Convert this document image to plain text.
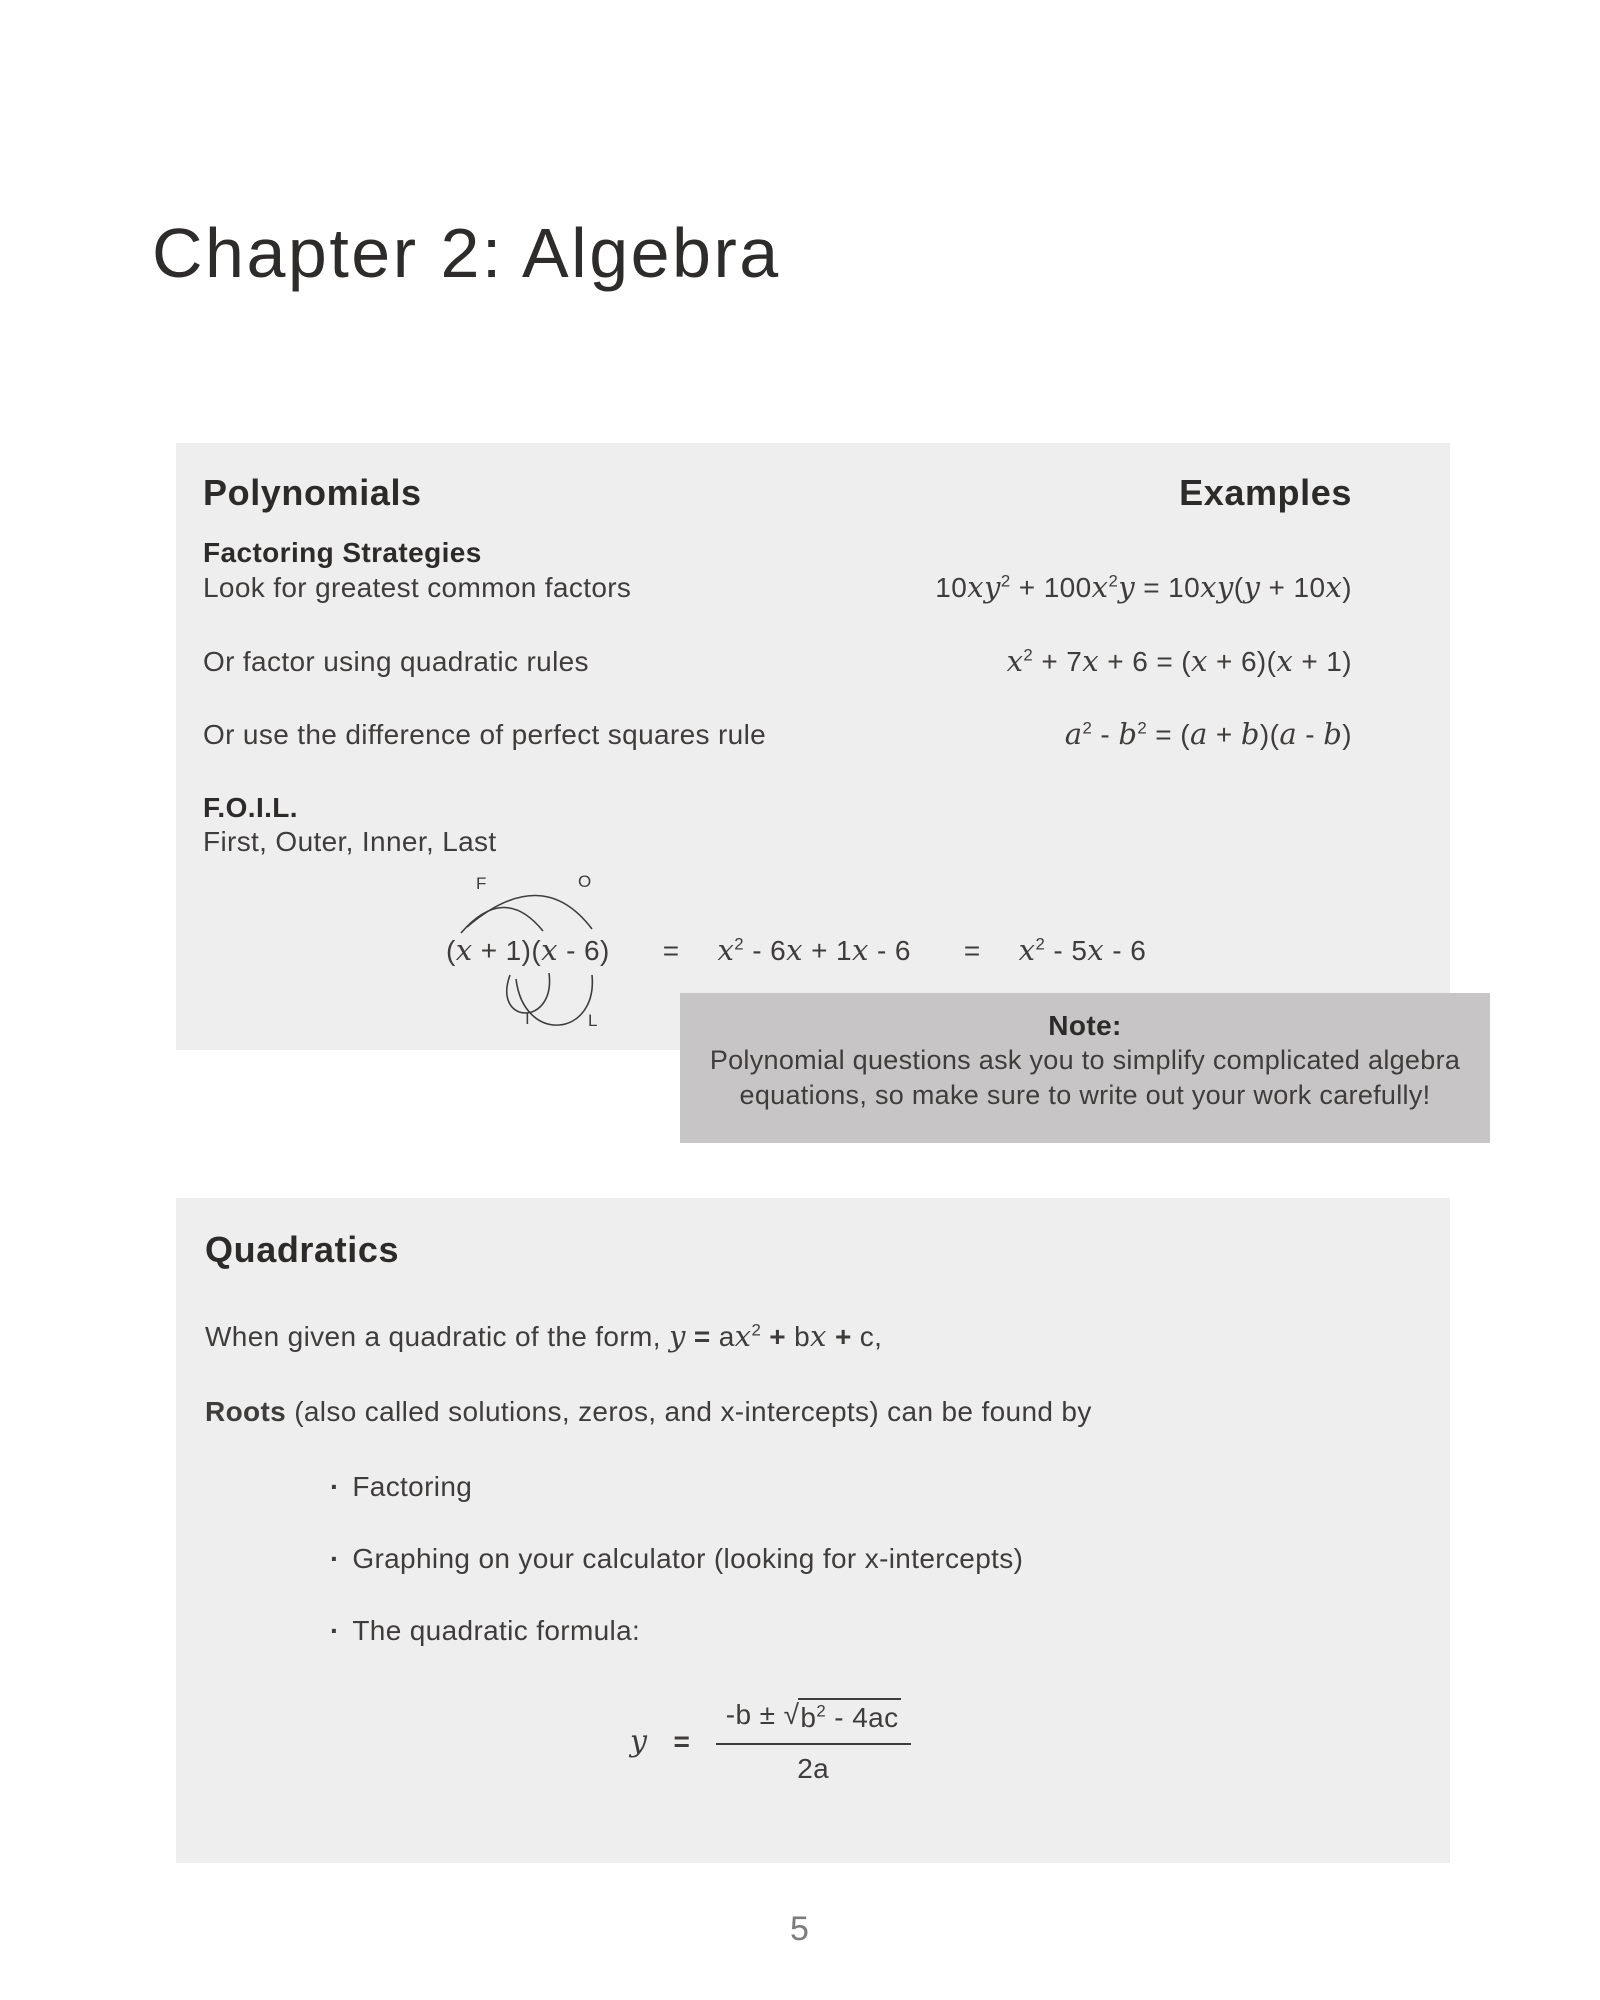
Chapter 2: Algebra
Polynomials	Examples
Factoring Strategies
Look for greatest common factors	$10xy^2 + 100x^2y = 10xy(y + 10x)$
Or factor using quadratic rules	$x^2 + 7x + 6 = (x + 6)(x + 1)$
Or use the difference of perfect squares rule	$a^2 - b^2 = (a + b)(a - b)$
F.O.I.L.
First, Outer, Inner, Last
F	O
I	L
$(x + 1)(x - 6) = x^2 - 6x + 1x - 6 = x^2 - 5x - 6$
Note:

Polynomial questions ask you to simplify complicated algebra equations, so make sure to write out your work carefully!

Quadratics

When given a quadratic of the form, $y = ax^2$ + bx + c,

Roots (also called solutions, zeros, and x-intercepts) can be found by

· Factoring
· Graphing on your calculator (looking for x-intercepts)
· The quadratic formula:
$y = \frac{-b \pm √ b^2 - 4ac}{2a}$
5
